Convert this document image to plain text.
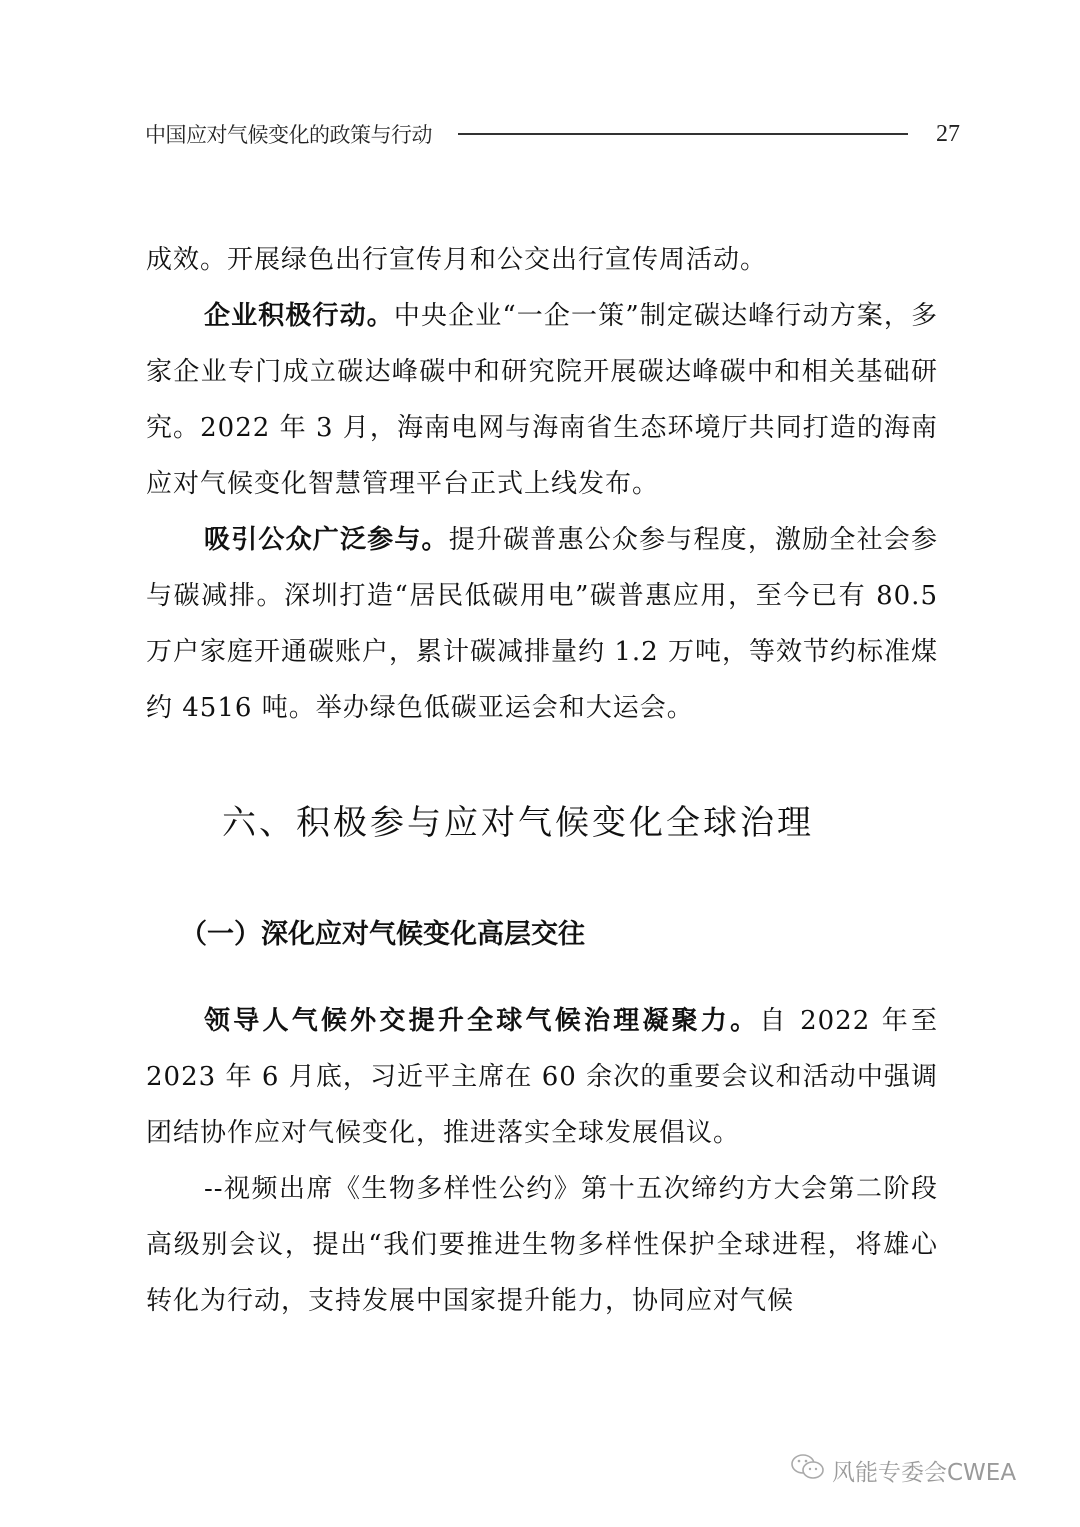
中国应对气候变化的政策与行动	27

成效。开展绿色出行宣传月和公交出行宣传周活动。

企业积极行动。中央企业“一企一策”制定碳达峰行动方案，多家企业专门成立碳达峰碳中和研究院开展碳达峰碳中和相关基础研究。2022 年 3 月，海南电网与海南省生态环境厅共同打造的海南应对气候变化智慧管理平台正式上线发布。

吸引公众广泛参与。提升碳普惠公众参与程度，激励全社会参与碳减排。深圳打造“居民低碳用电”碳普惠应用，至今已有 80.5 万户家庭开通碳账户，累计碳减排量约 1.2 万吨，等效节约标准煤约 4516 吨。举办绿色低碳亚运会和大运会。

六、积极参与应对气候变化全球治理
（一）深化应对气候变化高层交往

领导人气候外交提升全球气候治理凝聚力。自 2022 年至 2023 年 6 月底，习近平主席在 60 余次的重要会议和活动中强调团结协作应对气候变化，推进落实全球发展倡议。

--视频出席《生物多样性公约》第十五次缔约方大会第二阶段高级别会议，提出“我们要推进生物多样性保护全球进程，将雄心转化为行动，支持发展中国家提升能力，协同应对气候

风能专委会CWEA
